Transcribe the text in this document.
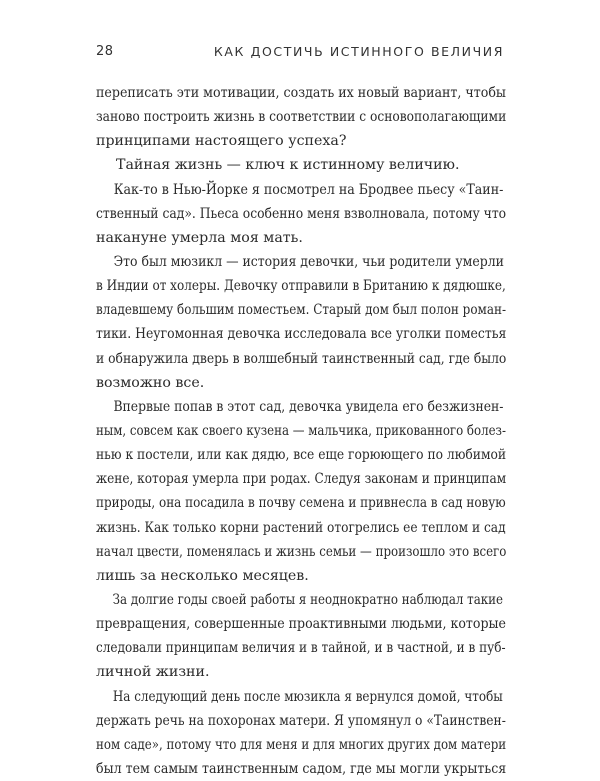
28	КАК ДОСТИЧЬ ИСТИННОГО ВЕЛИЧИЯ
переписать эти мотивации, создать их новый вариант, чтобы
заново построить жизнь в соответствии с основополагающими
принципами настоящего успеха?
Тайная жизнь — ключ к истинному величию.
Как-то в Нью-Йорке я посмотрел на Бродвее пьесу «Таин-
ственный сад». Пьеса особенно меня взволновала, потому что
накануне умерла моя мать.
Это был мюзикл — история девочки, чьи родители умерли
в Индии от холеры. Девочку отправили в Британию к дядюшке,
владевшему большим поместьем. Старый дом был полон роман-
тики. Неугомонная девочка исследовала все уголки поместья
и обнаружила дверь в волшебный таинственный сад, где было
возможно все.
Впервые попав в этот сад, девочка увидела его безжизнен-
ным, совсем как своего кузена — мальчика, прикованного болез-
нью к постели, или как дядю, все еще горюющего по любимой
жене, которая умерла при родах. Следуя законам и принципам
природы, она посадила в почву семена и привнесла в сад новую
жизнь. Как только корни растений отогрелись ее теплом и сад
начал цвести, поменялась и жизнь семьи — произошло это всего
лишь за несколько месяцев.
За долгие годы своей работы я неоднократно наблюдал такие
превращения, совершенные проактивными людьми, которые
следовали принципам величия и в тайной, и в частной, и в пуб-
личной жизни.
На следующий день после мюзикла я вернулся домой, чтобы
держать речь на похоронах матери. Я упомянул о «Таинствен-
ном саде», потому что для меня и для многих других дом матери
был тем самым таинственным садом, где мы могли укрыться
